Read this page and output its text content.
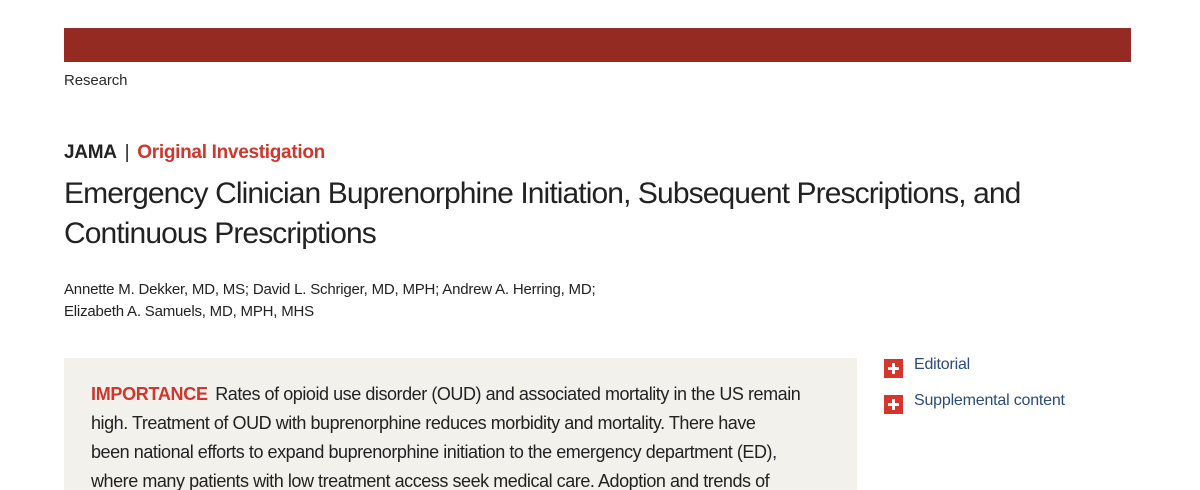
Research
JAMA | Original Investigation
Emergency Clinician Buprenorphine Initiation, Subsequent Prescriptions, and Continuous Prescriptions
Annette M. Dekker, MD, MS; David L. Schriger, MD, MPH; Andrew A. Herring, MD;
Elizabeth A. Samuels, MD, MPH, MHS
IMPORTANCE Rates of opioid use disorder (OUD) and associated mortality in the US remain
high. Treatment of OUD with buprenorphine reduces morbidity and mortality. There have
been national efforts to expand buprenorphine initiation to the emergency department (ED),
where many patients with low treatment access seek medical care. Adoption and trends of
Editorial
Supplemental content
